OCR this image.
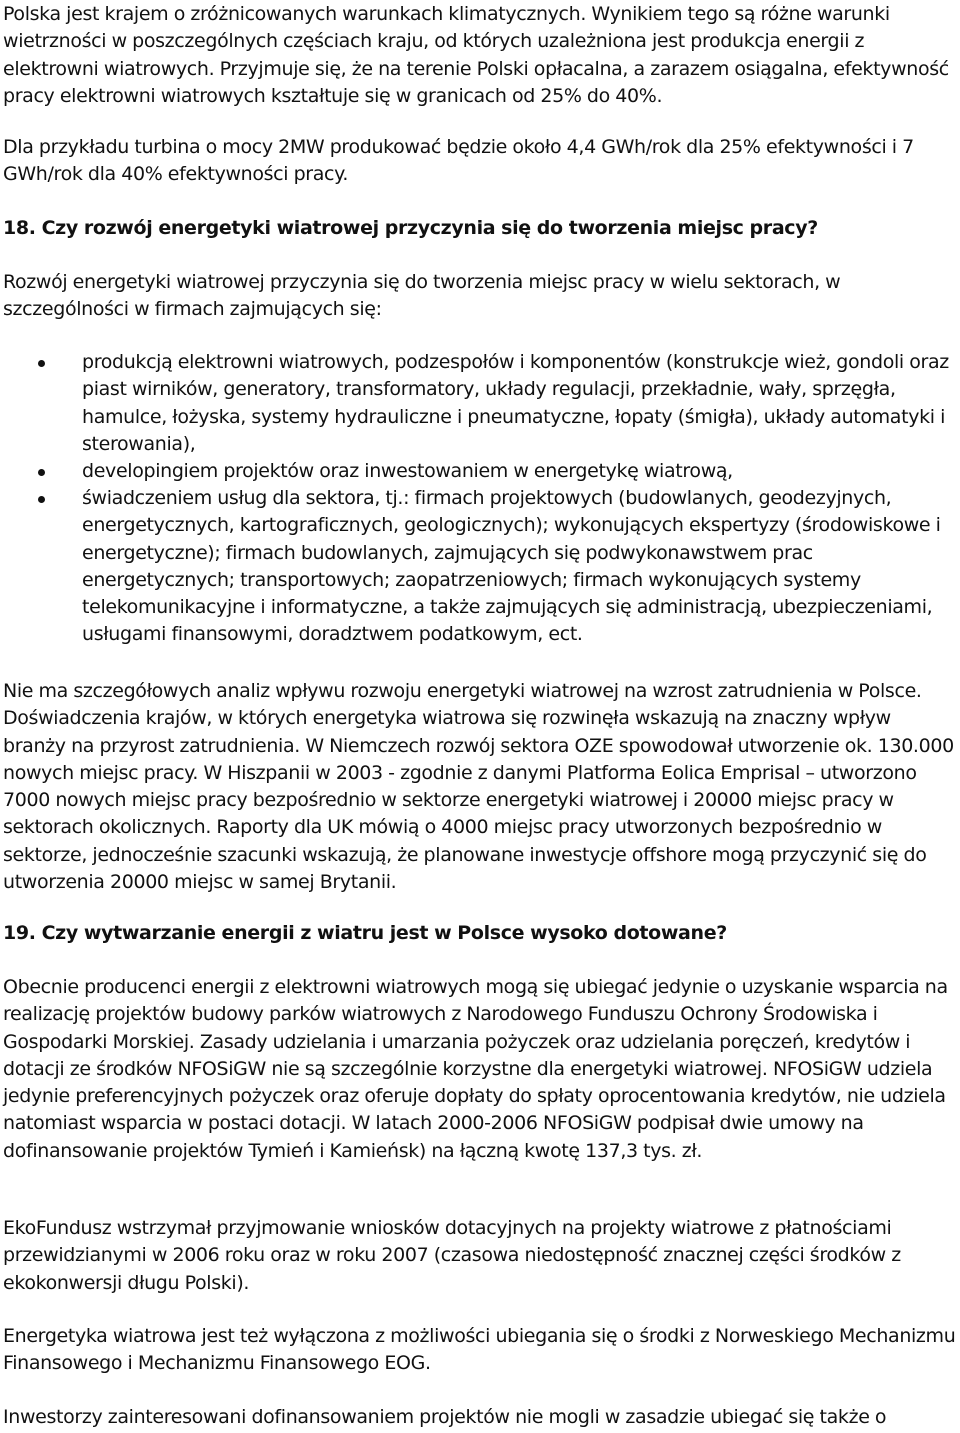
Polska jest krajem o zróżnicowanych warunkach klimatycznych. Wynikiem tego są różne warunki wietrzności w poszczególnych częściach kraju, od których uzależniona jest produkcja energii z elektrowni wiatrowych. Przyjmuje się, że na terenie Polski opłacalna, a zarazem osiągalna, efektywność pracy elektrowni wiatrowych kształtuje się w granicach od 25% do 40%.

Dla przykładu turbina o mocy 2MW produkować będzie około 4,4 GWh/rok dla 25% efektywności i 7 GWh/rok dla 40% efektywności pracy.

18. Czy rozwój energetyki wiatrowej przyczynia się do tworzenia miejsc pracy?

Rozwój energetyki wiatrowej przyczynia się do tworzenia miejsc pracy w wielu sektorach, w szczególności w firmach zajmujących się:

produkcją elektrowni wiatrowych, podzespołów i komponentów (konstrukcje wież, gondoli oraz piast wirników, generatory, transformatory, układy regulacji, przekładnie, wały, sprzęgła, hamulce, łożyska, systemy hydrauliczne i pneumatyczne, łopaty (śmigła), układy automatyki i sterowania),
developingiem projektów oraz inwestowaniem w energetykę wiatrową,
świadczeniem usług dla sektora, tj.: firmach projektowych (budowlanych, geodezyjnych, energetycznych, kartograficznych, geologicznych); wykonujących ekspertyzy (środowiskowe i energetyczne); firmach budowlanych, zajmujących się podwykonawstwem prac energetycznych; transportowych; zaopatrzeniowych; firmach wykonujących systemy telekomunikacyjne i informatyczne, a także zajmujących się administracją, ubezpieczeniami, usługami finansowymi, doradztwem podatkowym, ect.

Nie ma szczegółowych analiz wpływu rozwoju energetyki wiatrowej na wzrost zatrudnienia w Polsce. Doświadczenia krajów, w których energetyka wiatrowa się rozwinęła wskazują na znaczny wpływ branży na przyrost zatrudnienia. W Niemczech rozwój sektora OZE spowodował utworzenie ok. 130.000 nowych miejsc pracy. W Hiszpanii w 2003 - zgodnie z danymi Platforma Eolica Emprisal – utworzono 7000 nowych miejsc pracy bezpośrednio w sektorze energetyki wiatrowej i 20000 miejsc pracy w sektorach okolicznych. Raporty dla UK mówią o 4000 miejsc pracy utworzonych bezpośrednio w sektorze, jednocześnie szacunki wskazują, że planowane inwestycje offshore mogą przyczynić się do utworzenia 20000 miejsc w samej Brytanii.

19. Czy wytwarzanie energii z wiatru jest w Polsce wysoko dotowane?

Obecnie producenci energii z elektrowni wiatrowych mogą się ubiegać jedynie o uzyskanie wsparcia na realizację projektów budowy parków wiatrowych z Narodowego Funduszu Ochrony Środowiska i Gospodarki Morskiej. Zasady udzielania i umarzania pożyczek oraz udzielania poręczeń, kredytów i dotacji ze środków NFOSiGW nie są szczególnie korzystne dla energetyki wiatrowej. NFOSiGW udziela jedynie preferencyjnych pożyczek oraz oferuje dopłaty do spłaty oprocentowania kredytów, nie udziela natomiast wsparcia w postaci dotacji. W latach 2000-2006 NFOSiGW podpisał dwie umowy na dofinansowanie projektów Tymień i Kamieńsk) na łączną kwotę 137,3 tys. zł.

EkoFundusz wstrzymał przyjmowanie wniosków dotacyjnych na projekty wiatrowe z płatnościami przewidzianymi w 2006 roku oraz w roku 2007 (czasowa niedostępność znacznej części środków z ekokonwersji długu Polski).

Energetyka wiatrowa jest też wyłączona z możliwości ubiegania się o środki z Norweskiego Mechanizmu Finansowego i Mechanizmu Finansowego EOG.

Inwestorzy zainteresowani dofinansowaniem projektów nie mogli w zasadzie ubiegać się także o
